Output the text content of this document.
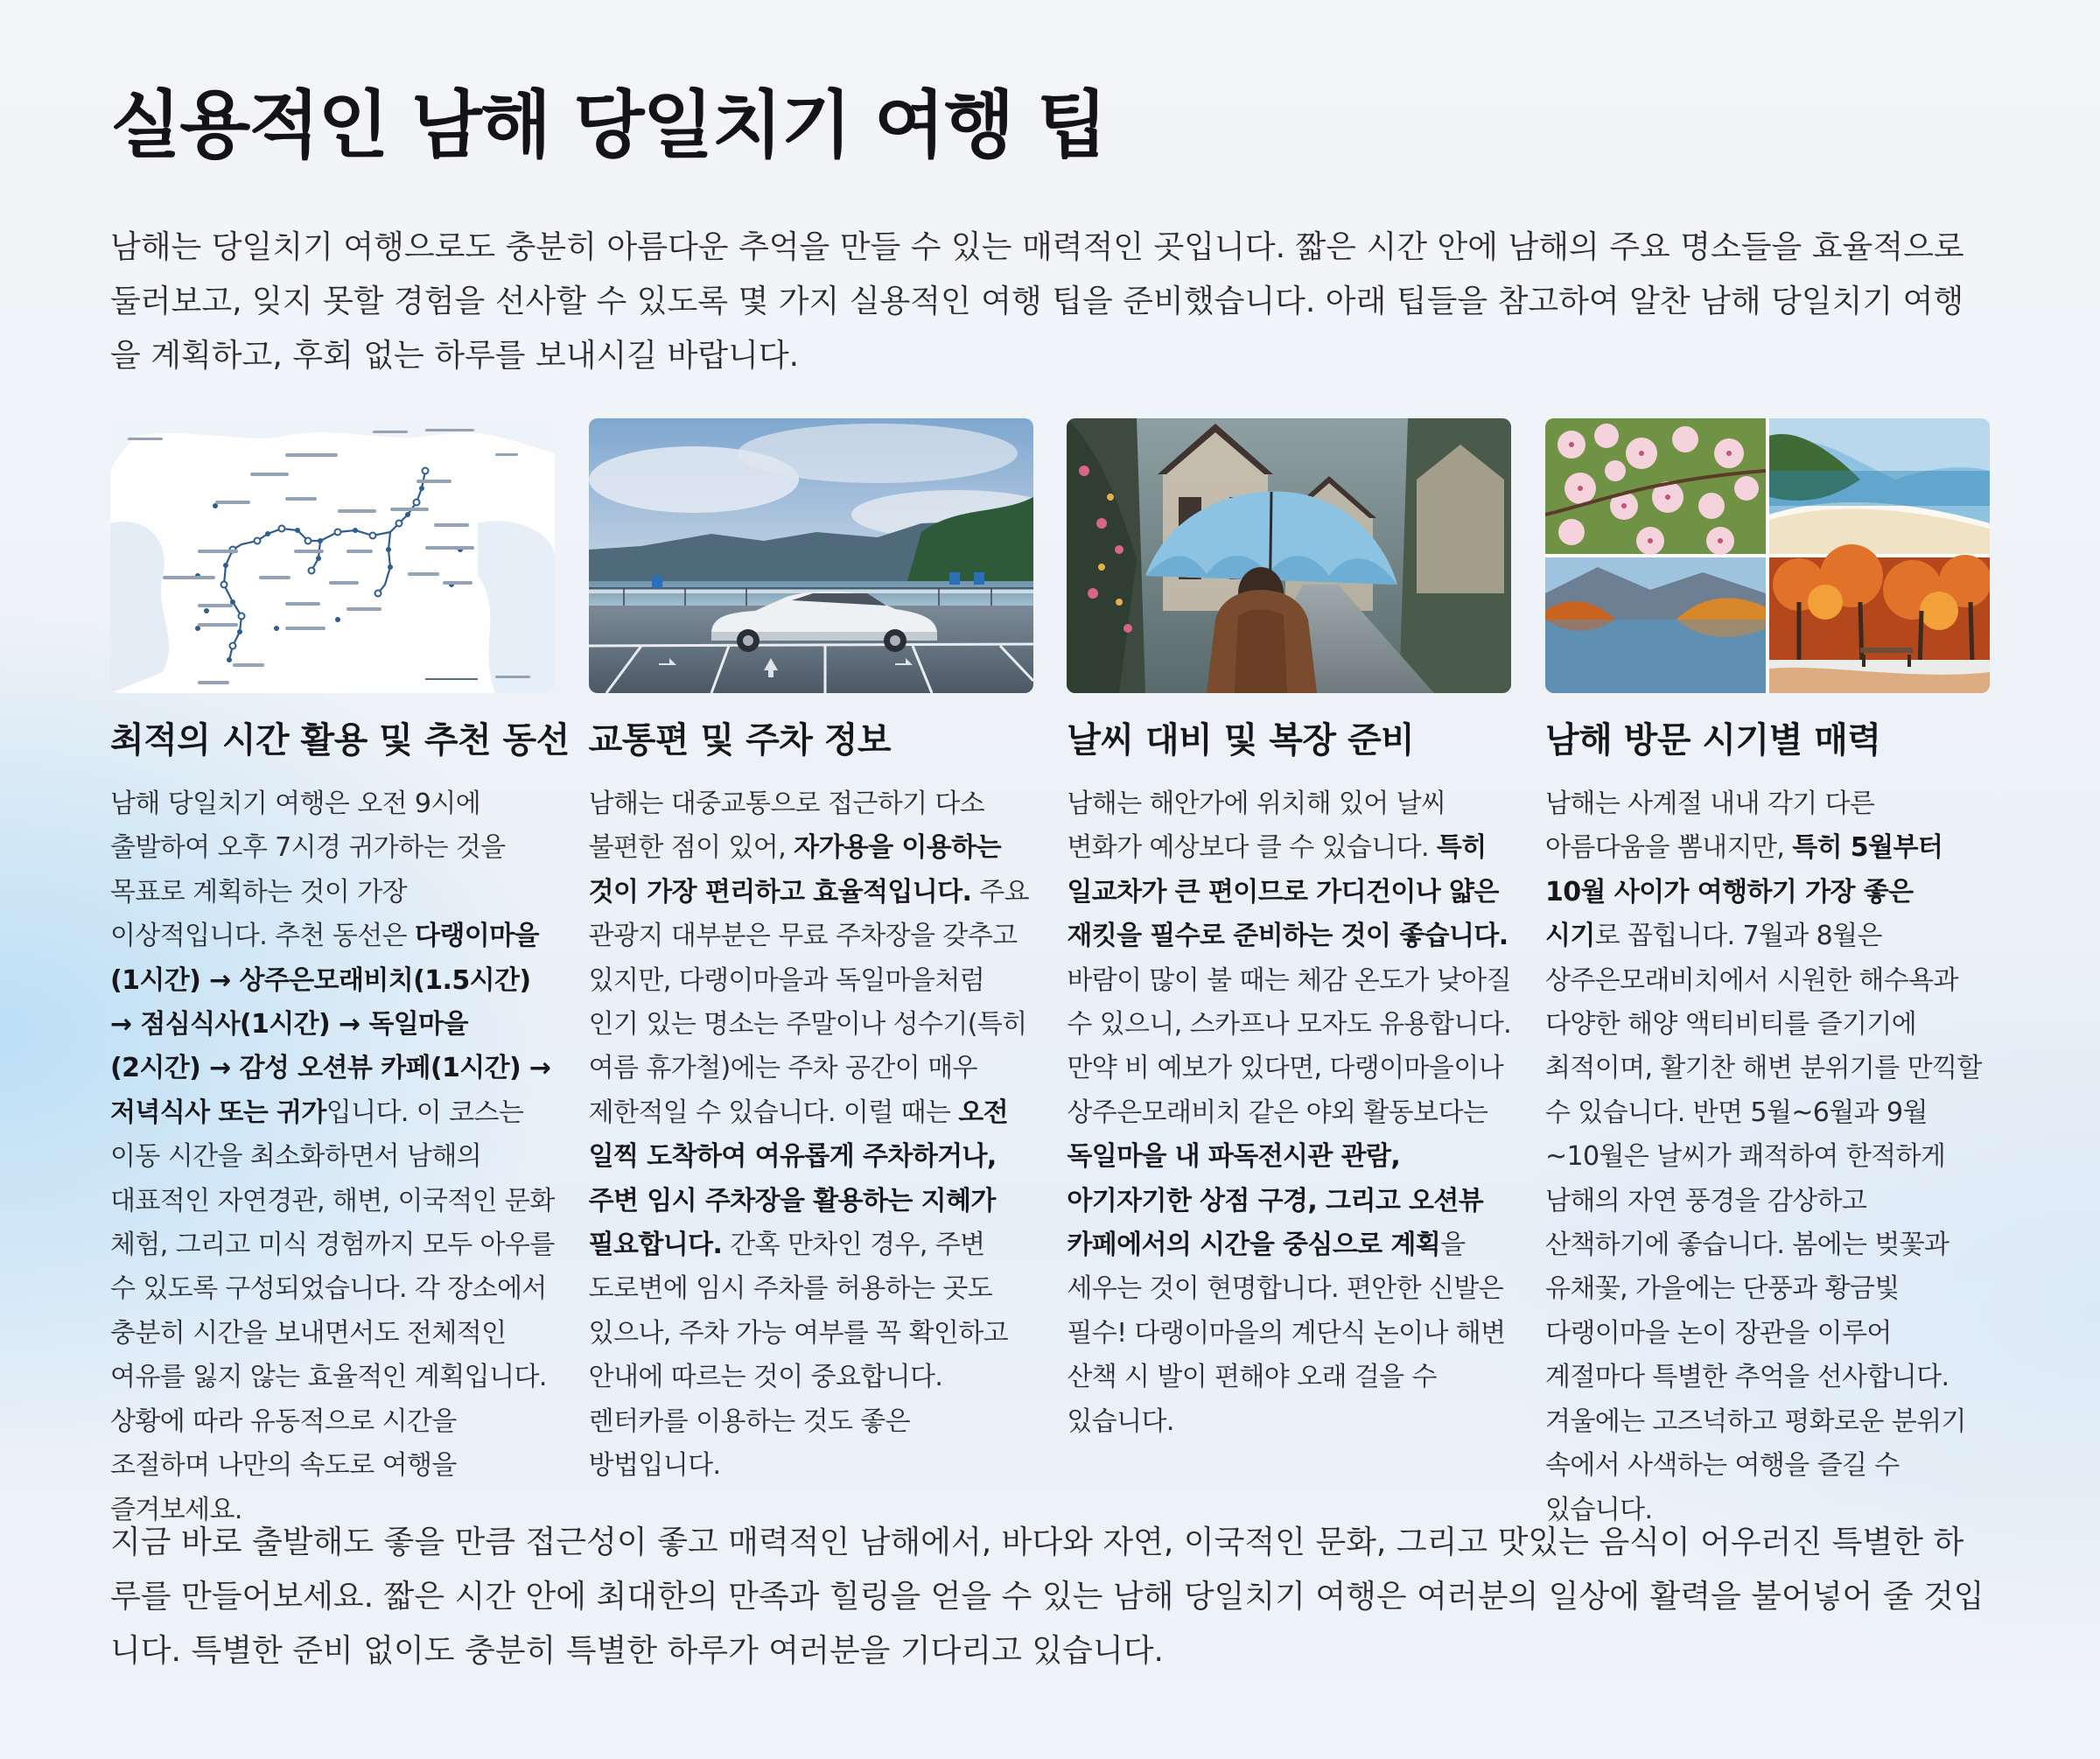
실용적인 남해 당일치기 여행 팁

남해는 당일치기 여행으로도 충분히 아름다운 추억을 만들 수 있는 매력적인 곳입니다. 짧은 시간 안에 남해의 주요 명소들을 효율적으로 둘러보고, 잊지 못할 경험을 선사할 수 있도록 몇 가지 실용적인 여행 팁을 준비했습니다. 아래 팁들을 참고하여 알찬 남해 당일치기 여행을 계획하고, 후회 없는 하루를 보내시길 바랍니다.

최적의 시간 활용 및 추천 동선
남해 당일치기 여행은 오전 9시에 출발하여 오후 7시경 귀가하는 것을 목표로 계획하는 것이 가장 이상적입니다. 추천 동선은 다랭이마을(1시간) → 상주은모래비치(1.5시간) → 점심식사(1시간) → 독일마을(2시간) → 감성 오션뷰 카페(1시간) → 저녁식사 또는 귀가입니다. 이 코스는 이동 시간을 최소화하면서 남해의 대표적인 자연경관, 해변, 이국적인 문화 체험, 그리고 미식 경험까지 모두 아우를 수 있도록 구성되었습니다. 각 장소에서 충분히 시간을 보내면서도 전체적인 여유를 잃지 않는 효율적인 계획입니다. 상황에 따라 유동적으로 시간을 조절하며 나만의 속도로 여행을 즐겨보세요.
교통편 및 주차 정보
남해는 대중교통으로 접근하기 다소 불편한 점이 있어, 자가용을 이용하는 것이 가장 편리하고 효율적입니다. 주요 관광지 대부분은 무료 주차장을 갖추고 있지만, 다랭이마을과 독일마을처럼 인기 있는 명소는 주말이나 성수기(특히 여름 휴가철)에는 주차 공간이 매우 제한적일 수 있습니다. 이럴 때는 오전 일찍 도착하여 여유롭게 주차하거나, 주변 임시 주차장을 활용하는 지혜가 필요합니다. 간혹 만차인 경우, 주변 도로변에 임시 주차를 허용하는 곳도 있으나, 주차 가능 여부를 꼭 확인하고 안내에 따르는 것이 중요합니다. 렌터카를 이용하는 것도 좋은 방법입니다.
날씨 대비 및 복장 준비
남해는 해안가에 위치해 있어 날씨 변화가 예상보다 클 수 있습니다. 특히 일교차가 큰 편이므로 가디건이나 얇은 재킷을 필수로 준비하는 것이 좋습니다. 바람이 많이 불 때는 체감 온도가 낮아질 수 있으니, 스카프나 모자도 유용합니다. 만약 비 예보가 있다면, 다랭이마을이나 상주은모래비치 같은 야외 활동보다는 독일마을 내 파독전시관 관람, 아기자기한 상점 구경, 그리고 오션뷰 카페에서의 시간을 중심으로 계획을 세우는 것이 현명합니다. 편안한 신발은 필수! 다랭이마을의 계단식 논이나 해변 산책 시 발이 편해야 오래 걸을 수 있습니다.
남해 방문 시기별 매력
남해는 사계절 내내 각기 다른 아름다움을 뽐내지만, 특히 5월부터 10월 사이가 여행하기 가장 좋은 시기로 꼽힙니다. 7월과 8월은 상주은모래비치에서 시원한 해수욕과 다양한 해양 액티비티를 즐기기에 최적이며, 활기찬 해변 분위기를 만끽할 수 있습니다. 반면 5월~6월과 9월~10월은 날씨가 쾌적하여 한적하게 남해의 자연 풍경을 감상하고 산책하기에 좋습니다. 봄에는 벚꽃과 유채꽃, 가을에는 단풍과 황금빛 다랭이마을 논이 장관을 이루어 계절마다 특별한 추억을 선사합니다. 겨울에는 고즈넉하고 평화로운 분위기 속에서 사색하는 여행을 즐길 수 있습니다.

지금 바로 출발해도 좋을 만큼 접근성이 좋고 매력적인 남해에서, 바다와 자연, 이국적인 문화, 그리고 맛있는 음식이 어우러진 특별한 하루를 만들어보세요. 짧은 시간 안에 최대한의 만족과 힐링을 얻을 수 있는 남해 당일치기 여행은 여러분의 일상에 활력을 불어넣어 줄 것입니다. 특별한 준비 없이도 충분히 특별한 하루가 여러분을 기다리고 있습니다.
